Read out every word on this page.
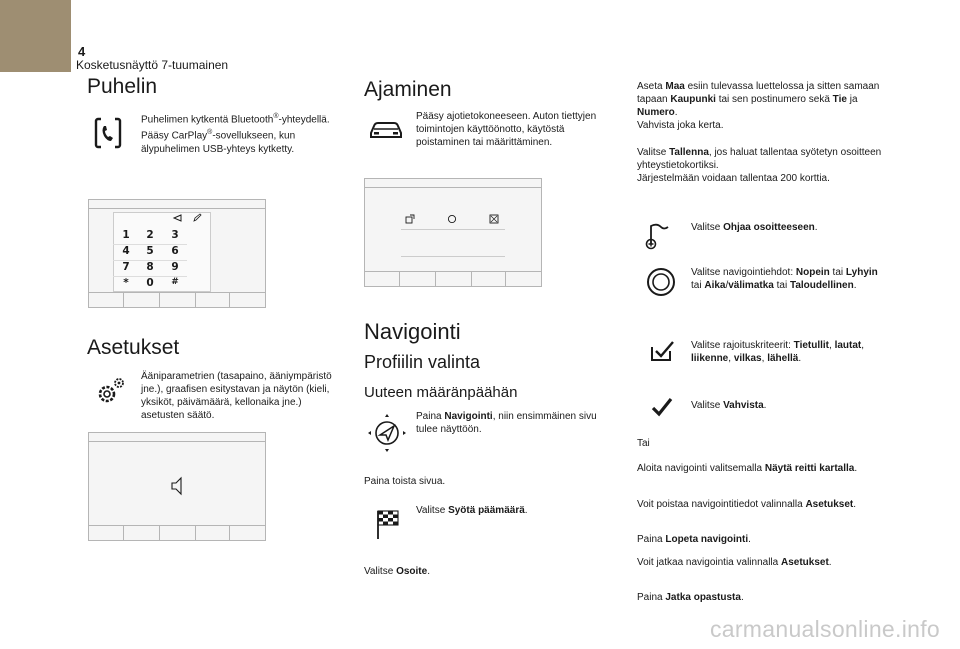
4
Kosketusnäyttö 7-tuumainen
Puhelin
Puhelimen kytkentä Bluetooth®-yhteydellä. Pääsy CarPlay®-sovellukseen, kun älypuhelimen USB-yhteys kytketty.
1	2	3
4	5	6
7	8	9
*	0	#
Asetukset
Ääniparametrien (tasapaino, ääniympäristö jne.), graafisen esitystavan ja näytön (kieli, yksiköt, päivämäärä, kellonaika jne.) asetusten säätö.
Ajaminen
Pääsy ajotietokoneeseen. Auton tiettyjen toimintojen käyttöönotto, käytöstä poistaminen tai määrittäminen.
Navigointi
Profiilin valinta
Uuteen määränpäähän
Paina Navigointi, niin ensimmäinen sivu tulee näyttöön.
Paina toista sivua.
Valitse Syötä päämäärä.
Valitse Osoite.
Aseta Maa esiin tulevassa luettelossa ja sitten samaan tapaan Kaupunki tai sen postinumero sekä Tie ja Numero.
Vahvista joka kerta.
Valitse Tallenna, jos haluat tallentaa syötetyn osoitteen yhteystietokortiksi.
Järjestelmään voidaan tallentaa 200 korttia.
Valitse Ohjaa osoitteeseen.
Valitse navigointiehdot: Nopein tai Lyhyin
tai Aika/välimatka tai Taloudellinen.
Valitse rajoituskriteerit: Tietullit, lautat,
liikenne, vilkas, lähellä.
Valitse Vahvista.
Tai
Aloita navigointi valitsemalla Näytä reitti kartalla.
Voit poistaa navigointitiedot valinnalla Asetukset.
Paina Lopeta navigointi.
Voit jatkaa navigointia valinnalla Asetukset.
Paina Jatka opastusta.
carmanualsonline.info
